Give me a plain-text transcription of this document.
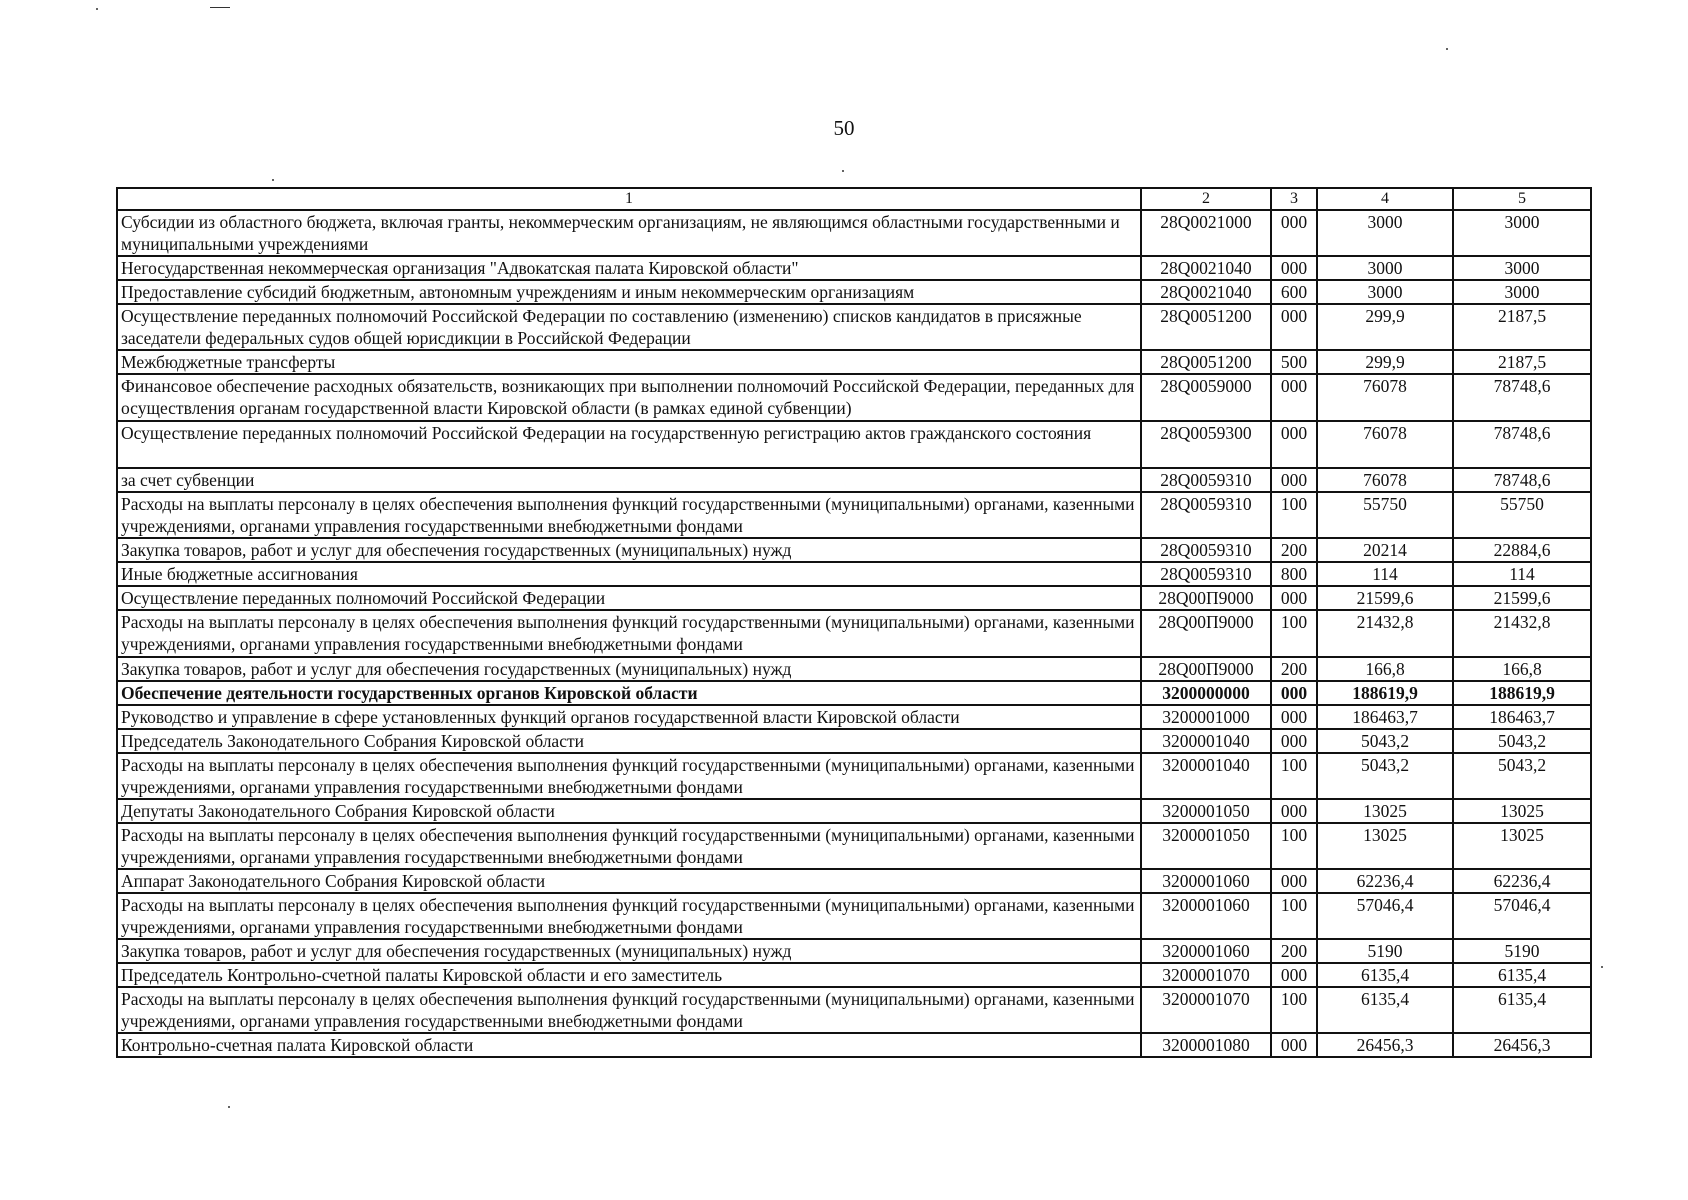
50
1	2	3	4	5
Субсидии из областного бюджета, включая гранты, некоммерческим организациям, не являющимся областными государственными и муниципальными учреждениями	28Q0021000	000	3000	3000
Негосударственная некоммерческая организация "Адвокатская палата Кировской области"	28Q0021040	000	3000	3000
Предоставление субсидий бюджетным, автономным учреждениям и иным некоммерческим организациям	28Q0021040	600	3000	3000
Осуществление переданных полномочий Российской Федерации по составлению (изменению) списков кандидатов в присяжные заседатели федеральных судов общей юрисдикции в Российской Федерации	28Q0051200	000	299,9	2187,5
Межбюджетные трансферты	28Q0051200	500	299,9	2187,5
Финансовое обеспечение расходных обязательств, возникающих при выполнении полномочий Российской Федерации, переданных для осуществления органам государственной власти Кировской области (в рамках единой субвенции)	28Q0059000	000	76078	78748,6
Осуществление переданных полномочий Российской Федерации на государственную регистрацию актов гражданского состояния	28Q0059300	000	76078	78748,6
за счет субвенции	28Q0059310	000	76078	78748,6
Расходы на выплаты персоналу в целях обеспечения выполнения функций государственными (муниципальными) органами, казенными учреждениями, органами управления государственными внебюджетными фондами	28Q0059310	100	55750	55750
Закупка товаров, работ и услуг для обеспечения государственных (муниципальных) нужд	28Q0059310	200	20214	22884,6
Иные бюджетные ассигнования	28Q0059310	800	114	114
Осуществление переданных полномочий Российской Федерации	28Q00П9000	000	21599,6	21599,6
Расходы на выплаты персоналу в целях обеспечения выполнения функций государственными (муниципальными) органами, казенными учреждениями, органами управления государственными внебюджетными фондами	28Q00П9000	100	21432,8	21432,8
Закупка товаров, работ и услуг для обеспечения государственных (муниципальных) нужд	28Q00П9000	200	166,8	166,8
Обеспечение деятельности государственных органов Кировской области	3200000000	000	188619,9	188619,9
Руководство и управление в сфере установленных функций органов государственной власти Кировской области	3200001000	000	186463,7	186463,7
Председатель Законодательного Собрания Кировской области	3200001040	000	5043,2	5043,2
Расходы на выплаты персоналу в целях обеспечения выполнения функций государственными (муниципальными) органами, казенными учреждениями, органами управления государственными внебюджетными фондами	3200001040	100	5043,2	5043,2
Депутаты Законодательного Собрания Кировской области	3200001050	000	13025	13025
Расходы на выплаты персоналу в целях обеспечения выполнения функций государственными (муниципальными) органами, казенными учреждениями, органами управления государственными внебюджетными фондами	3200001050	100	13025	13025
Аппарат Законодательного Собрания Кировской области	3200001060	000	62236,4	62236,4
Расходы на выплаты персоналу в целях обеспечения выполнения функций государственными (муниципальными) органами, казенными учреждениями, органами управления государственными внебюджетными фондами	3200001060	100	57046,4	57046,4
Закупка товаров, работ и услуг для обеспечения государственных (муниципальных) нужд	3200001060	200	5190	5190
Председатель Контрольно-счетной палаты Кировской области и его заместитель	3200001070	000	6135,4	6135,4
Расходы на выплаты персоналу в целях обеспечения выполнения функций государственными (муниципальными) органами, казенными учреждениями, органами управления государственными внебюджетными фондами	3200001070	100	6135,4	6135,4
Контрольно-счетная палата Кировской области	3200001080	000	26456,3	26456,3
